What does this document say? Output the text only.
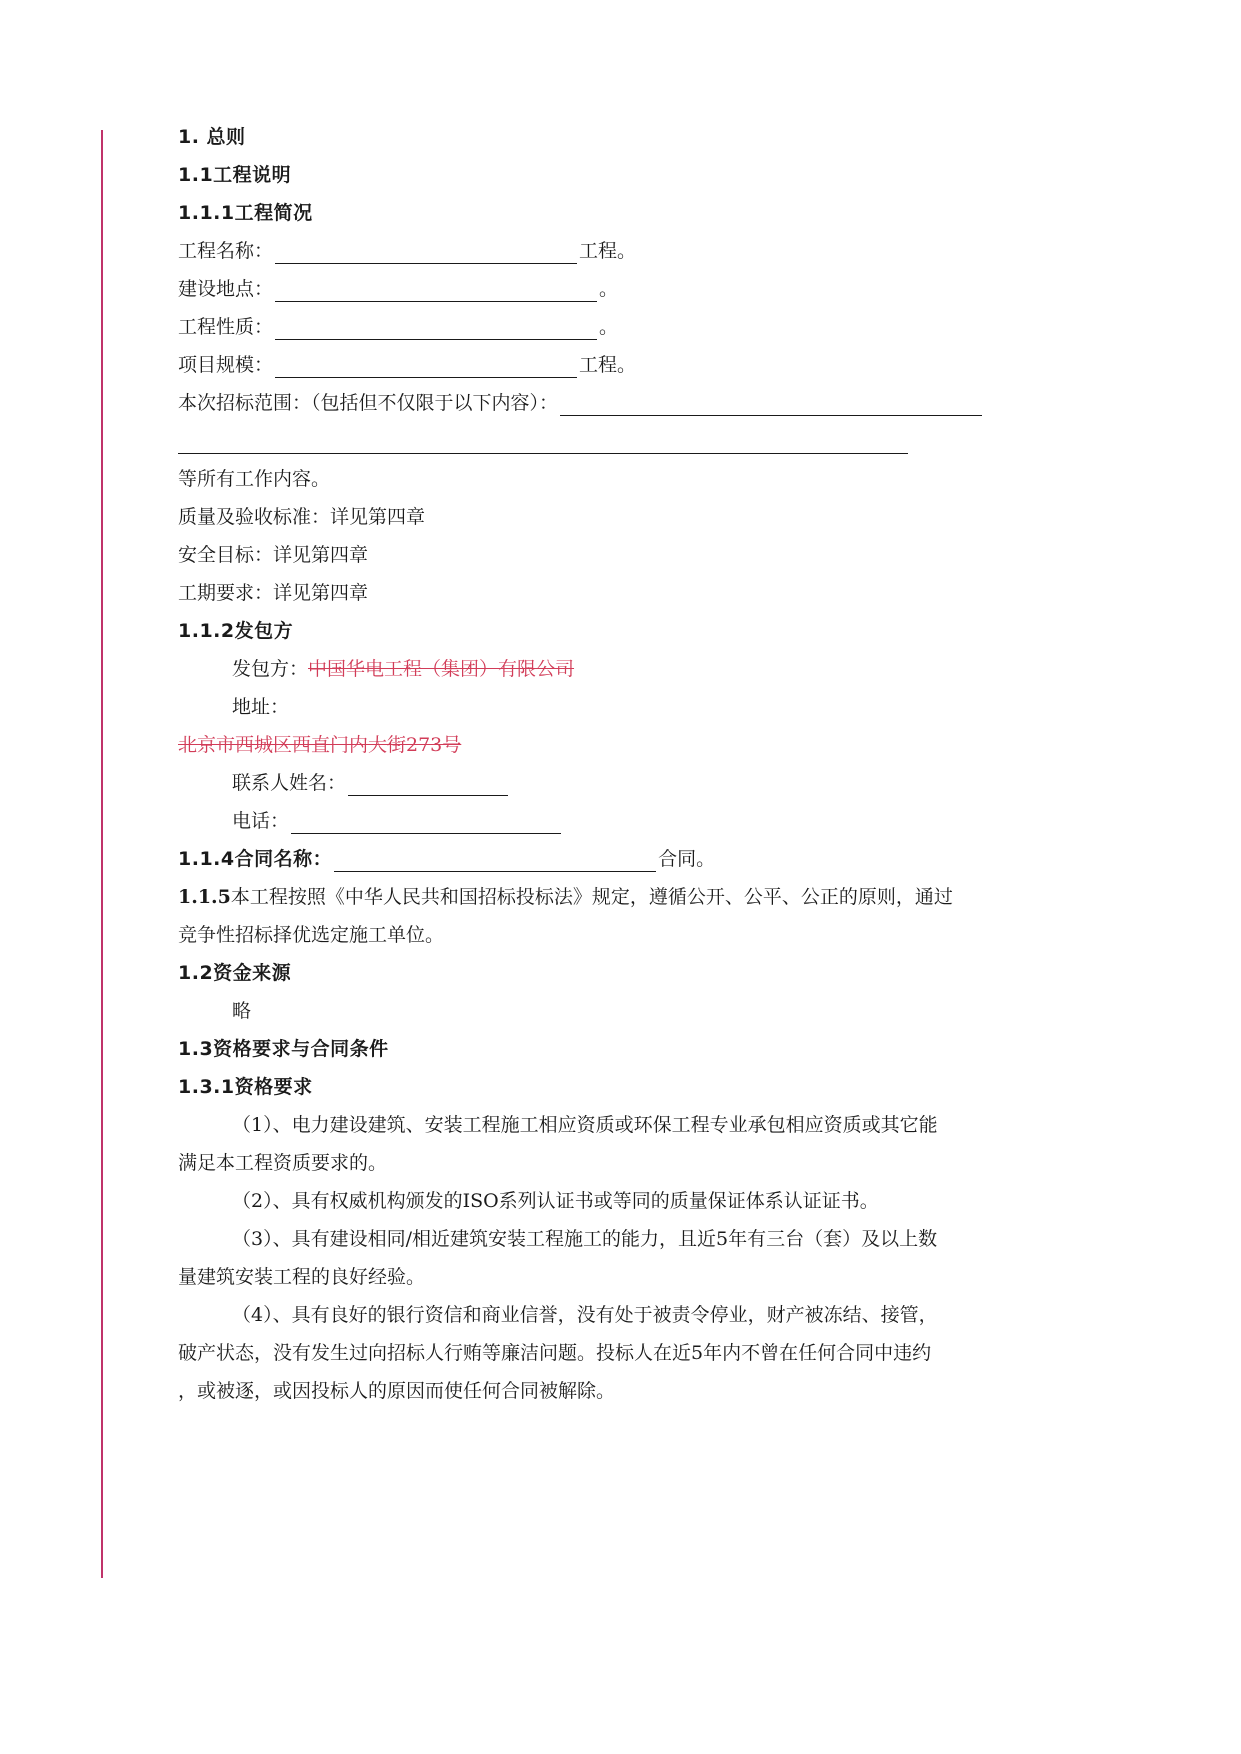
1. 总则
1.1工程说明
1.1.1工程简况
工程名称：	工程。
建设地点：	。
工程性质：	。
项目规模：	工程。
本次招标范围：（包括但不仅限于以下内容）：
等所有工作内容。
质量及验收标准：详见第四章
安全目标：详见第四章
工期要求：详见第四章
1.1.2发包方
发包方：中国华电工程（集团）有限公司
地址：
北京市西城区西直门内大街273号
联系人姓名：
电话：
1.1.4合同名称：	合同。
1.1.5本工程按照《中华人民共和国招标投标法》规定，遵循公开、公平、公正的原则，通过
竞争性招标择优选定施工单位。
1.2资金来源
略
1.3资格要求与合同条件
1.3.1资格要求
（1）、电力建设建筑、安装工程施工相应资质或环保工程专业承包相应资质或其它能
满足本工程资质要求的。
（2）、具有权威机构颁发的ISO系列认证书或等同的质量保证体系认证证书。
（3）、具有建设相同/相近建筑安装工程施工的能力，且近5年有三台（套）及以上数
量建筑安装工程的良好经验。
（4）、具有良好的银行资信和商业信誉，没有处于被责令停业，财产被冻结、接管，
破产状态，没有发生过向招标人行贿等廉洁问题。投标人在近5年内不曾在任何合同中违约
，或被逐，或因投标人的原因而使任何合同被解除。
